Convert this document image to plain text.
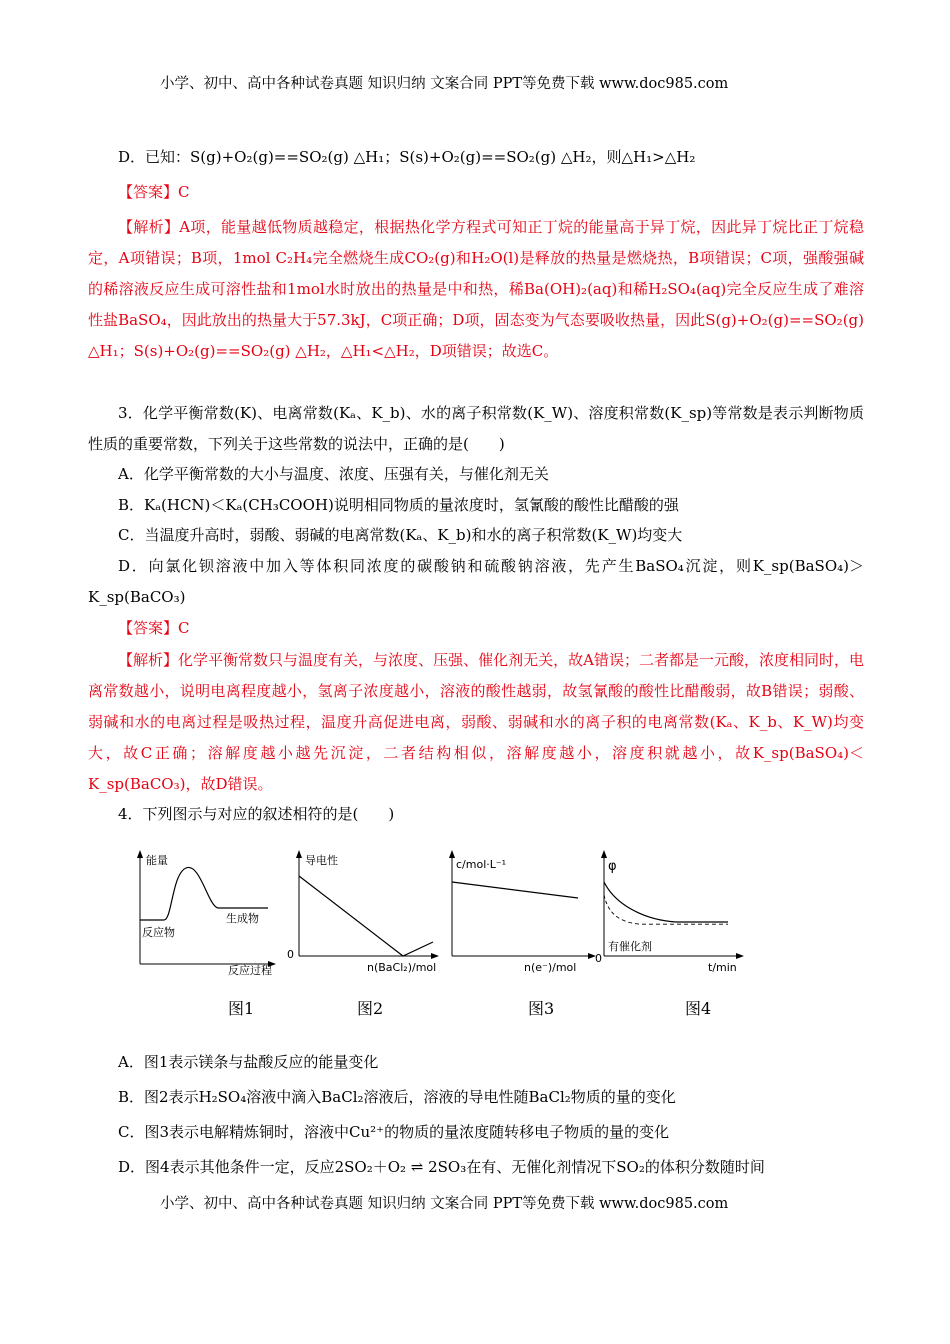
小学、初中、高中各种试卷真题 知识归纳 文案合同 PPT等免费下载 www.doc985.com
D．已知：S(g)+O₂(g)==SO₂(g) △H₁；S(s)+O₂(g)==SO₂(g) △H₂，则△H₁>△H₂
【答案】C
【解析】A项，能量越低物质越稳定，根据热化学方程式可知正丁烷的能量高于异丁烷，因此异丁烷比正丁烷稳定，A项错误；B项，1mol C₂H₄完全燃烧生成CO₂(g)和H₂O(l)是释放的热量是燃烧热，B项错误；C项，强酸强碱的稀溶液反应生成可溶性盐和1mol水时放出的热量是中和热，稀Ba(OH)₂(aq)和稀H₂SO₄(aq)完全反应生成了难溶性盐BaSO₄，因此放出的热量大于57.3kJ，C项正确；D项，固态变为气态要吸收热量，因此S(g)+O₂(g)==SO₂(g) △H₁；S(s)+O₂(g)==SO₂(g) △H₂，△H₁<△H₂，D项错误；故选C。
3．化学平衡常数(K)、电离常数(Kₐ、K_b)、水的离子积常数(K_W)、溶度积常数(K_sp)等常数是表示判断物质性质的重要常数，下列关于这些常数的说法中，正确的是(　　)
A．化学平衡常数的大小与温度、浓度、压强有关，与催化剂无关
B．Kₐ(HCN)＜Kₐ(CH₃COOH)说明相同物质的量浓度时，氢氰酸的酸性比醋酸的强
C．当温度升高时，弱酸、弱碱的电离常数(Kₐ、K_b)和水的离子积常数(K_W)均变大
D．向氯化钡溶液中加入等体积同浓度的碳酸钠和硫酸钠溶液，先产生BaSO₄沉淀，则K_sp(BaSO₄)＞K_sp(BaCO₃)
【答案】C
【解析】化学平衡常数只与温度有关，与浓度、压强、催化剂无关，故A错误；二者都是一元酸，浓度相同时，电离常数越小，说明电离程度越小，氢离子浓度越小，溶液的酸性越弱，故氢氰酸的酸性比醋酸弱，故B错误；弱酸、弱碱和水的电离过程是吸热过程，温度升高促进电离，弱酸、弱碱和水的离子积的电离常数(Kₐ、K_b、K_W)均变大，故C正确；溶解度越小越先沉淀，二者结构相似，溶解度越小，溶度积就越小，故K_sp(BaSO₄)＜K_sp(BaCO₃)，故D错误。
4．下列图示与对应的叙述相符的是(　　)
能量
反应物
生成物
反应过程
导电性
0
n(BaCl₂)/mol
c/mol·L⁻¹
n(e⁻)/mol
0
φ
有催化剂
t/min
图1	图2	图3	图4
A．图1表示镁条与盐酸反应的能量变化
B．图2表示H₂SO₄溶液中滴入BaCl₂溶液后，溶液的导电性随BaCl₂物质的量的变化
C．图3表示电解精炼铜时，溶液中Cu²⁺的物质的量浓度随转移电子物质的量的变化
D．图4表示其他条件一定，反应2SO₂＋O₂ ⇌ 2SO₃在有、无催化剂情况下SO₂的体积分数随时间
小学、初中、高中各种试卷真题 知识归纳 文案合同 PPT等免费下载 www.doc985.com
